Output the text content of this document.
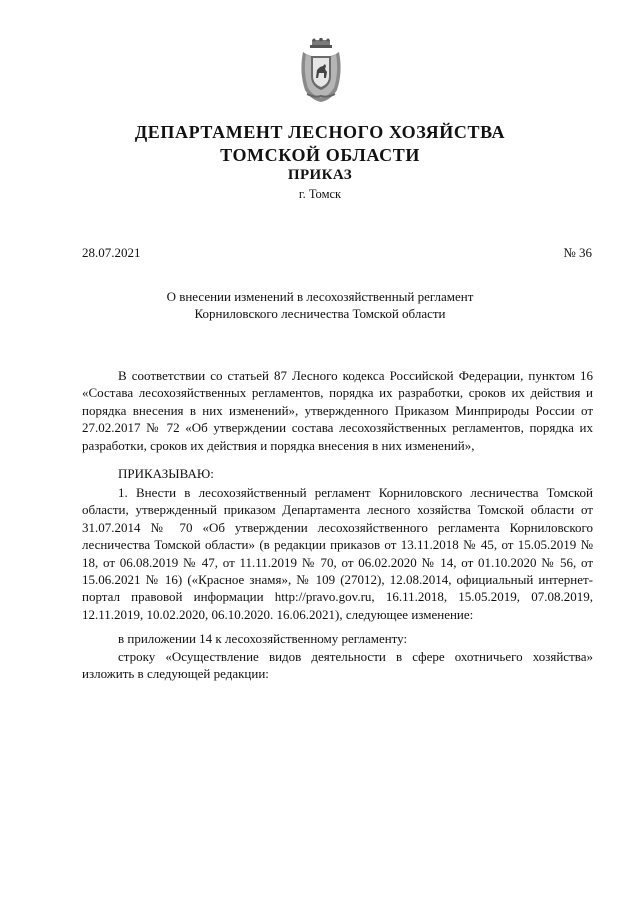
ДЕПАРТАМЕНТ ЛЕСНОГО ХОЗЯЙСТВА
ТОМСКОЙ ОБЛАСТИ
ПРИКАЗ
г. Томск
28.07.2021	№ 36
О внесении изменений в лесохозяйственный регламент
Корниловского лесничества Томской области

В соответствии со статьей 87 Лесного кодекса Российской Федерации, пунктом 16 «Состава лесохозяйственных регламентов, порядка их разработки, сроков их действия и порядка внесения в них изменений», утвержденного Приказом Минприроды России от 27.02.2017 № 72 «Об утверждении состава лесохозяйственных регламентов, порядка их разработки, сроков их действия и порядка внесения в них изменений»,

ПРИКАЗЫВАЮ:

1. Внести в лесохозяйственный регламент Корниловского лесничества Томской области, утвержденный приказом Департамента лесного хозяйства Томской области от 31.07.2014 № 70 «Об утверждении лесохозяйственного регламента Корниловского лесничества Томской области» (в редакции приказов от 13.11.2018 № 45, от 15.05.2019 № 18, от 06.08.2019 № 47, от 11.11.2019 № 70, от 06.02.2020 № 14, от 01.10.2020 № 56, от 15.06.2021 № 16) («Красное знамя», № 109 (27012), 12.08.2014, официальный интернет-портал правовой информации http://pravo.gov.ru, 16.11.2018, 15.05.2019, 07.08.2019, 12.11.2019, 10.02.2020, 06.10.2020. 16.06.2021), следующее изменение:

в приложении 14 к лесохозяйственному регламенту:

строку «Осуществление видов деятельности в сфере охотничьего хозяйства» изложить в следующей редакции:
